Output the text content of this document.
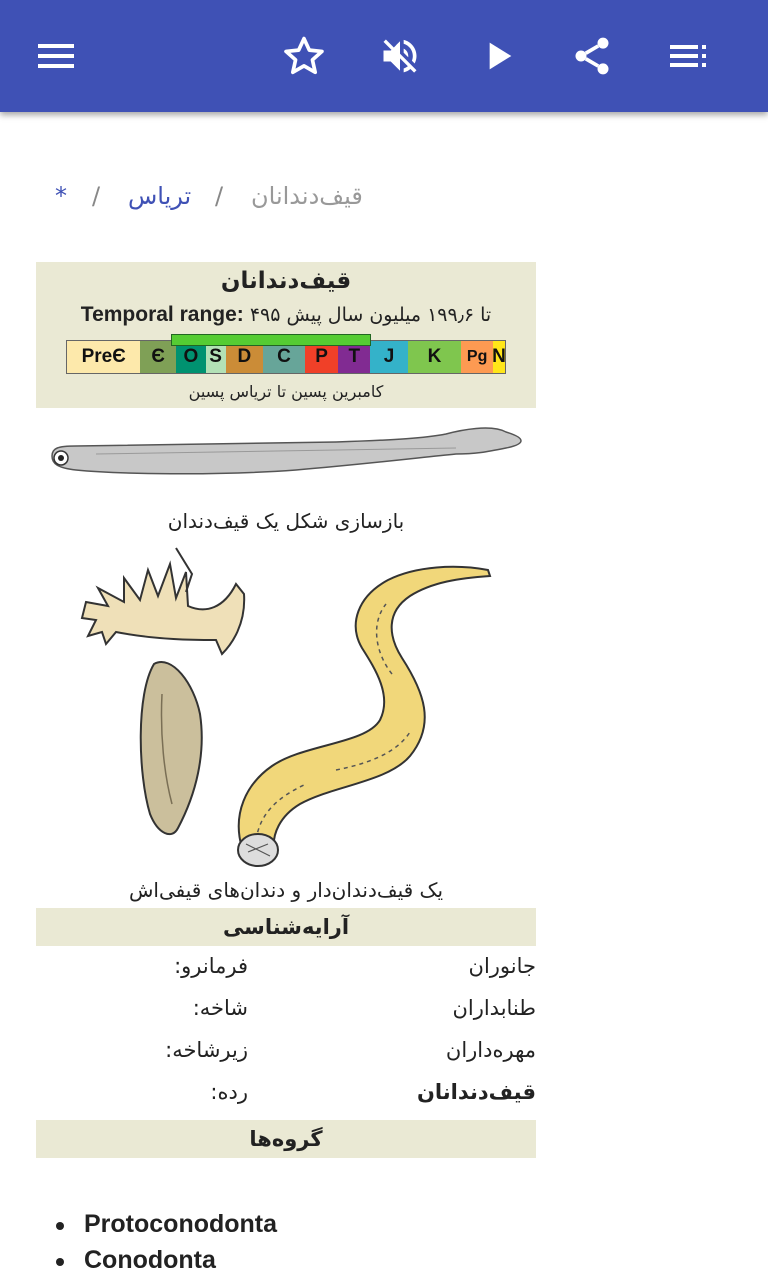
* / ترياس / قیف‌دندانان
قیف‌دندانان
Temporal range: تا ۱۹۹٫۶ میلیون سال پیش ۴۹۵
PreЄ	Є O S D	C	P	T	J	K	Pg N
کامبرین پسین تا ترياس پسین
بازسازی شکل یک قیف‌دندان
یک قیف‌دندان‌دار و دندان‌های قیفی‌اش
آرایه‌شناسی
:فرمانرو	جانوران
:شاخه	طنابداران
:زیرشاخه	مهره‌داران
:رده	قیف‌دندانان
گروه‌ها
Protoconodonta
Conodonta
